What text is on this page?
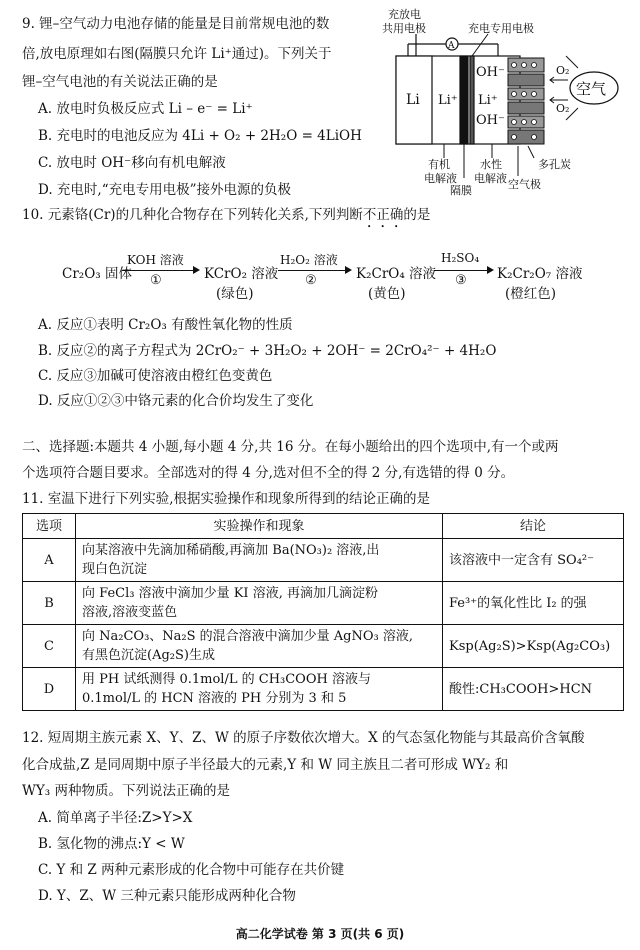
9. 锂–空气动力电池存储的能量是目前常规电池的数
倍,放电原理如右图(隔膜只允许 Li⁺通过)。下列关于
锂–空气电池的有关说法正确的是
A. 放电时负极反应式 Li – e⁻ = Li⁺
B. 充电时的电池反应为 4Li + O₂ + 2H₂O = 4LiOH
C. 放电时 OH⁻移向有机电解液
D. 充电时,“充电专用电极”接外电源的负极
充放电
共用电极	充电专用电极
A
Li Li⁺ Li⁺
OH⁻
OH⁻
O₂
O₂
空气
有机
电解液
水性
电解液
隔膜
多孔炭
空气极
10. 元素铬(Cr)的几种化合物存在下列转化关系,下列判断不正确的是
Cr₂O₃ 固体
KOH 溶液
①	KCrO₂ 溶液
(绿色)
H₂O₂ 溶液
②	K₂CrO₄ 溶液
(黄色)
H₂SO₄
③ K₂Cr₂O₇ 溶液
(橙红色)
A. 反应①表明 Cr₂O₃ 有酸性氧化物的性质
B. 反应②的离子方程式为 2CrO₂⁻ + 3H₂O₂ + 2OH⁻ = 2CrO₄²⁻ + 4H₂O
C. 反应③加碱可使溶液由橙红色变黄色
D. 反应①②③中铬元素的化合价均发生了变化
二、选择题:本题共 4 小题,每小题 4 分,共 16 分。在每小题给出的四个选项中,有一个或两
个选项符合题目要求。全部选对的得 4 分,选对但不全的得 2 分,有选错的得 0 分。
11. 室温下进行下列实验,根据实验操作和现象所得到的结论正确的是
选项	实验操作和现象	结论
A	向某溶液中先滴加稀硝酸,再滴加 Ba(NO₃)₂ 溶液,出
现白色沉淀	该溶液中一定含有 SO₄²⁻
B	向 FeCl₃ 溶液中滴加少量 KI 溶液, 再滴加几滴淀粉
溶液,溶液变蓝色	Fe³⁺的氧化性比 I₂ 的强
C	向 Na₂CO₃、Na₂S 的混合溶液中滴加少量 AgNO₃ 溶液,
有黑色沉淀(Ag₂S)生成	Ksp(Ag₂S)>Ksp(Ag₂CO₃)
D	用 PH 试纸测得 0.1mol/L 的 CH₃COOH 溶液与
0.1mol/L 的 HCN 溶液的 PH 分别为 3 和 5	酸性:CH₃COOH>HCN
12. 短周期主族元素 X、Y、Z、W 的原子序数依次增大。X 的气态氢化物能与其最高价含氧酸
化合成盐,Z 是同周期中原子半径最大的元素,Y 和 W 同主族且二者可形成 WY₂ 和
WY₃ 两种物质。下列说法正确的是
A. 简单离子半径:Z>Y>X
B. 氢化物的沸点:Y < W
C. Y 和 Z 两种元素形成的化合物中可能存在共价键
D. Y、Z、W 三种元素只能形成两种化合物
高二化学试卷 第 3 页(共 6 页)
